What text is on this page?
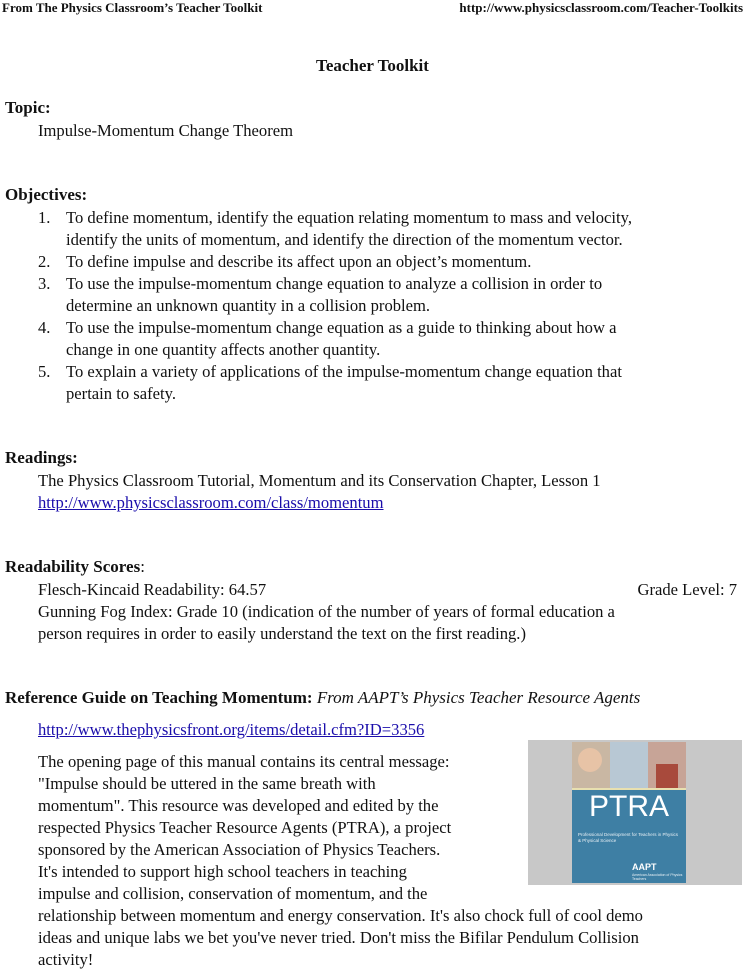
From The Physics Classroom’s Teacher Toolkit	http://www.physicsclassroom.com/Teacher-Toolkits
Teacher Toolkit
Topic:
Impulse-Momentum Change Theorem
Objectives:
1. To define momentum, identify the equation relating momentum to mass and velocity,
identify the units of momentum, and identify the direction of the momentum vector.
2. To define impulse and describe its affect upon an object’s momentum.
3. To use the impulse-momentum change equation to analyze a collision in order to
determine an unknown quantity in a collision problem.
4. To use the impulse-momentum change equation as a guide to thinking about how a
change in one quantity affects another quantity.
5. To explain a variety of applications of the impulse-momentum change equation that
pertain to safety.
Readings:
The Physics Classroom Tutorial, Momentum and its Conservation Chapter, Lesson 1
http://www.physicsclassroom.com/class/momentum
Readability Scores:
Flesch-Kincaid Readability: 64.57	Grade Level: 7
Gunning Fog Index: Grade 10 (indication of the number of years of formal education a
person requires in order to easily understand the text on the first reading.)
Reference Guide on Teaching Momentum: From AAPT’s Physics Teacher Resource Agents
http://www.thephysicsfront.org/items/detail.cfm?ID=3356
The opening page of this manual contains its central message:
"Impulse should be uttered in the same breath with
momentum". This resource was developed and edited by the
respected Physics Teacher Resource Agents (PTRA), a project
sponsored by the American Association of Physics Teachers.
It's intended to support high school teachers in teaching
impulse and collision, conservation of momentum, and the
relationship between momentum and energy conservation. It's also chock full of cool demo
ideas and unique labs we bet you've never tried. Don't miss the Bifilar Pendulum Collision
activity!
PTRA
Professional Development for Teachers in Physics & Physical Science
AAPT
American Association of Physics Teachers
